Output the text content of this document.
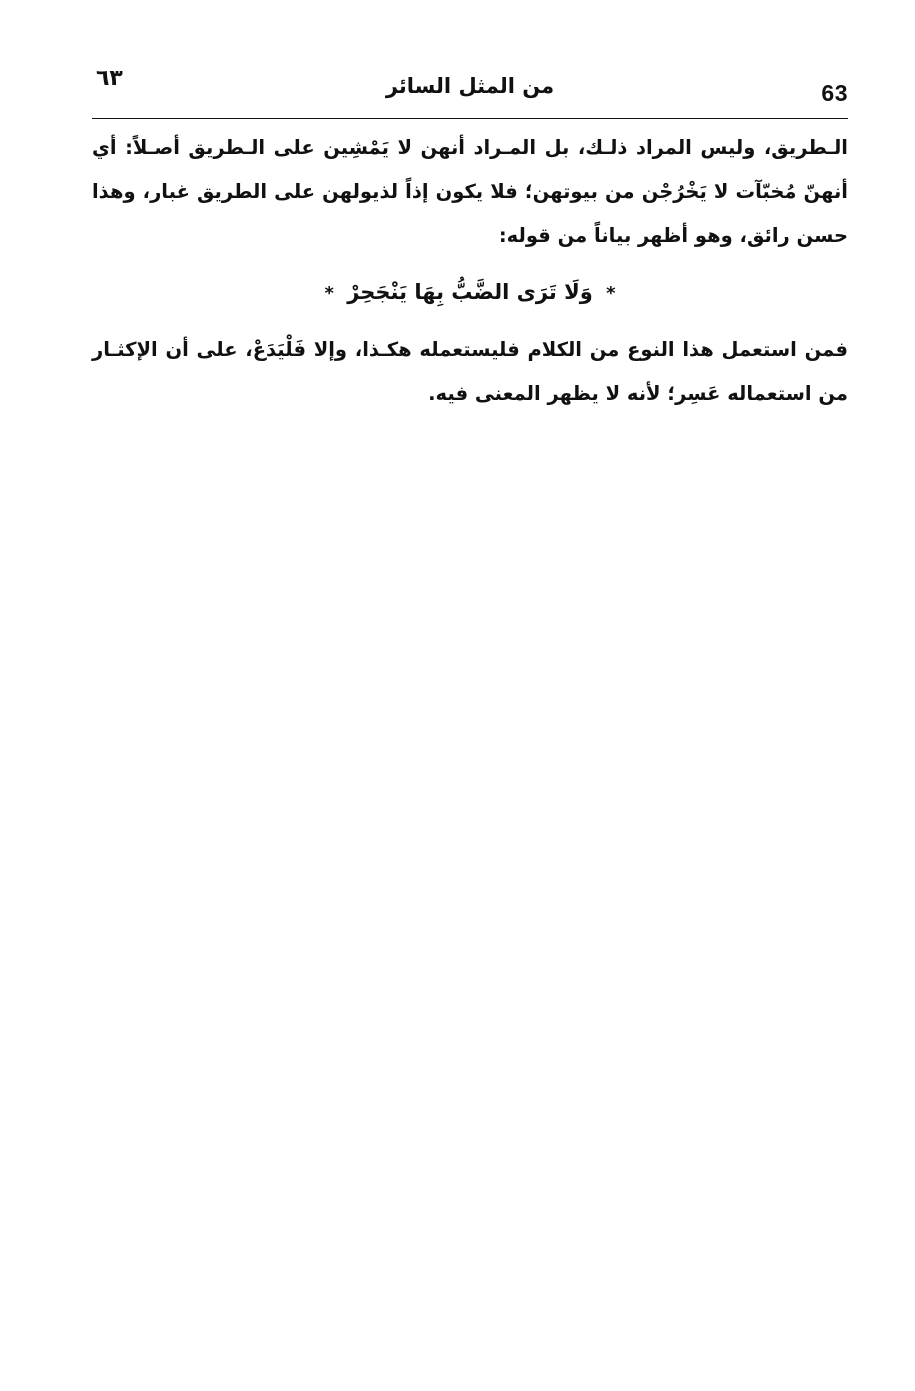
63
من المثل السائر
٦٣

الـطريق، وليس المراد ذلـك، بل المـراد أنهن لا يَمْشِين على الـطريق أصـلاً: أي أنهنّ مُخبّآت لا يَخْرُجْن من بيوتهن؛ فلا يكون إذاً لذيولهن على الطريق غبار، وهذا حسن رائق، وهو أظهر بياناً من قوله:

* وَلَا تَرَى الضَّبُّ بِهَا يَنْجَحِرْ *

فمن استعمل هذا النوع من الكلام فليستعمله هكـذا، وإلا فَلْيَدَعْ، على أن الإكثـار من استعماله عَسِر؛ لأنه لا يظهر المعنى فيه.
